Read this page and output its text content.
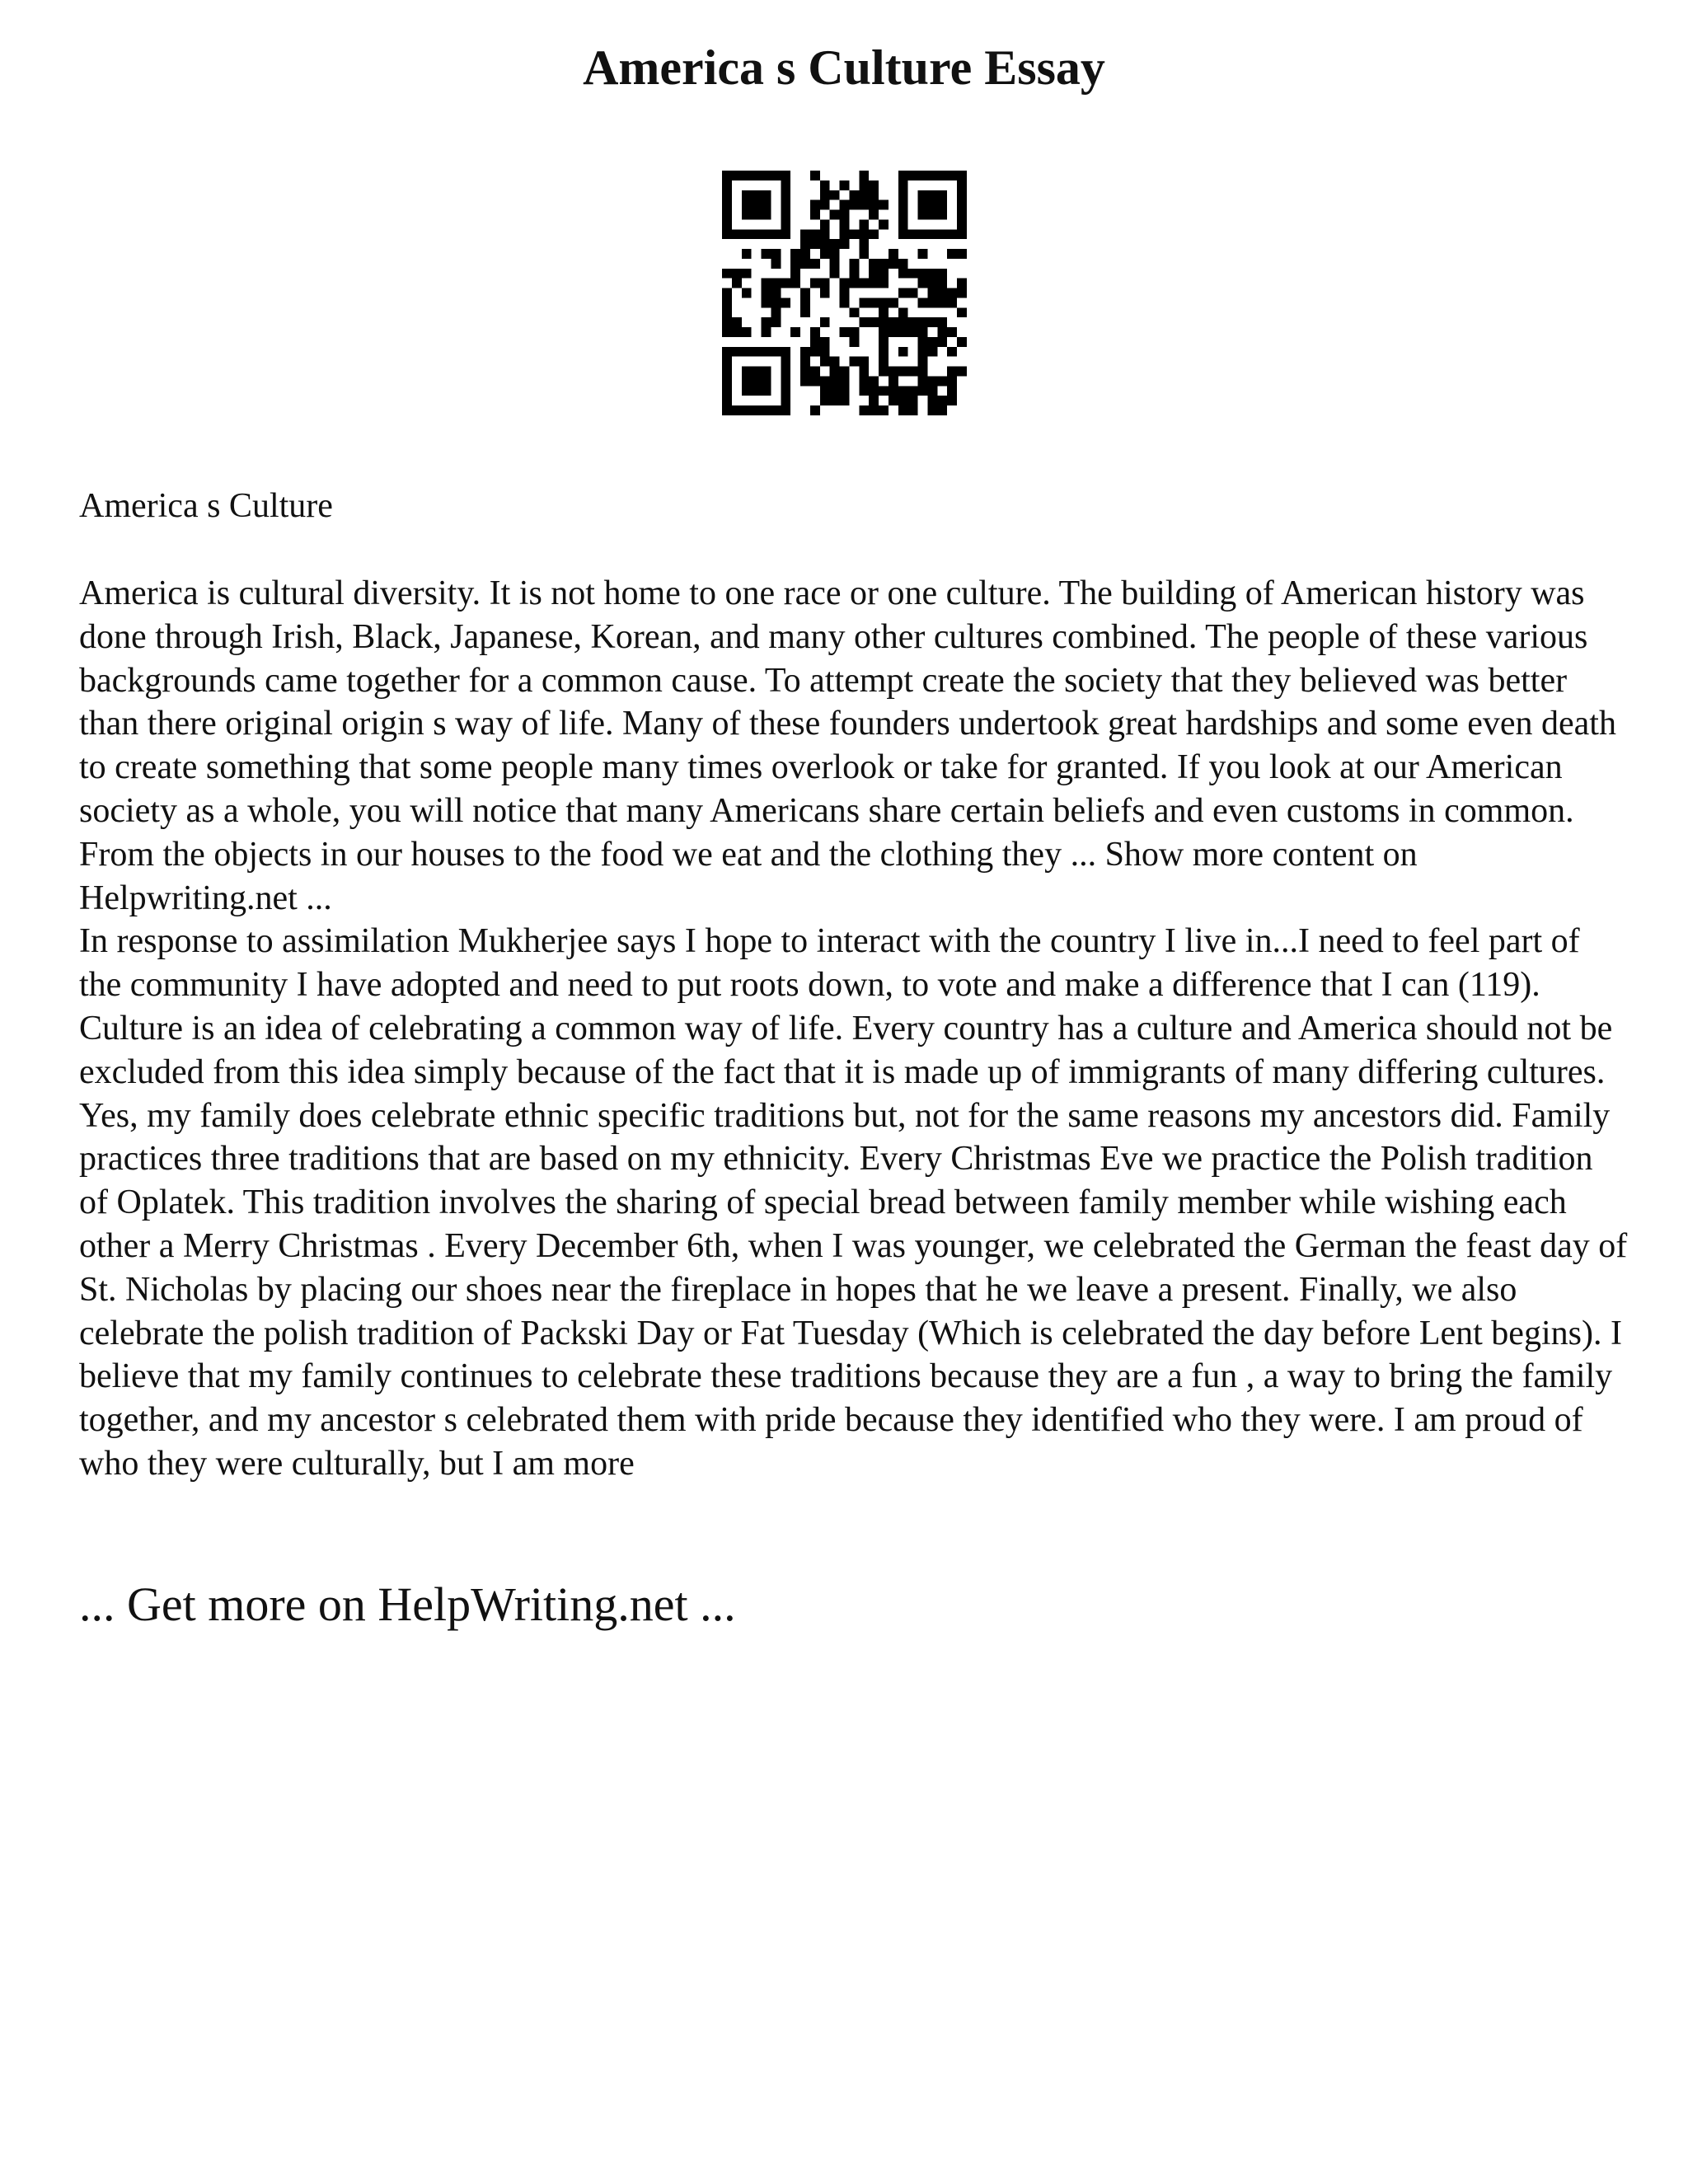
America s Culture Essay
America s Culture

America is cultural diversity. It is not home to one race or one culture. The building of American history was done through Irish, Black, Japanese, Korean, and many other cultures combined. The people of these various backgrounds came together for a common cause. To attempt create the society that they believed was better than there original origin s way of life. Many of these founders undertook great hardships and some even death to create something that some people many times overlook or take for granted. If you look at our American society as a whole, you will notice that many Americans share certain beliefs and even customs in common. From the objects in our houses to the food we eat and the clothing they ... Show more content on Helpwriting.net ...

In response to assimilation Mukherjee says I hope to interact with the country I live in...I need to feel part of the community I have adopted and need to put roots down, to vote and make a difference that I can (119). Culture is an idea of celebrating a common way of life. Every country has a culture and America should not be excluded from this idea simply because of the fact that it is made up of immigrants of many differing cultures. Yes, my family does celebrate ethnic specific traditions but, not for the same reasons my ancestors did. Family practices three traditions that are based on my ethnicity. Every Christmas Eve we practice the Polish tradition of Oplatek. This tradition involves the sharing of special bread between family member while wishing each other a Merry Christmas . Every December 6th, when I was younger, we celebrated the German the feast day of St. Nicholas by placing our shoes near the fireplace in hopes that he we leave a present. Finally, we also celebrate the polish tradition of Packski Day or Fat Tuesday (Which is celebrated the day before Lent begins). I believe that my family continues to celebrate these traditions because they are a fun , a way to bring the family together, and my ancestor s celebrated them with pride because they identified who they were. I am proud of who they were culturally, but I am more

... Get more on HelpWriting.net ...
